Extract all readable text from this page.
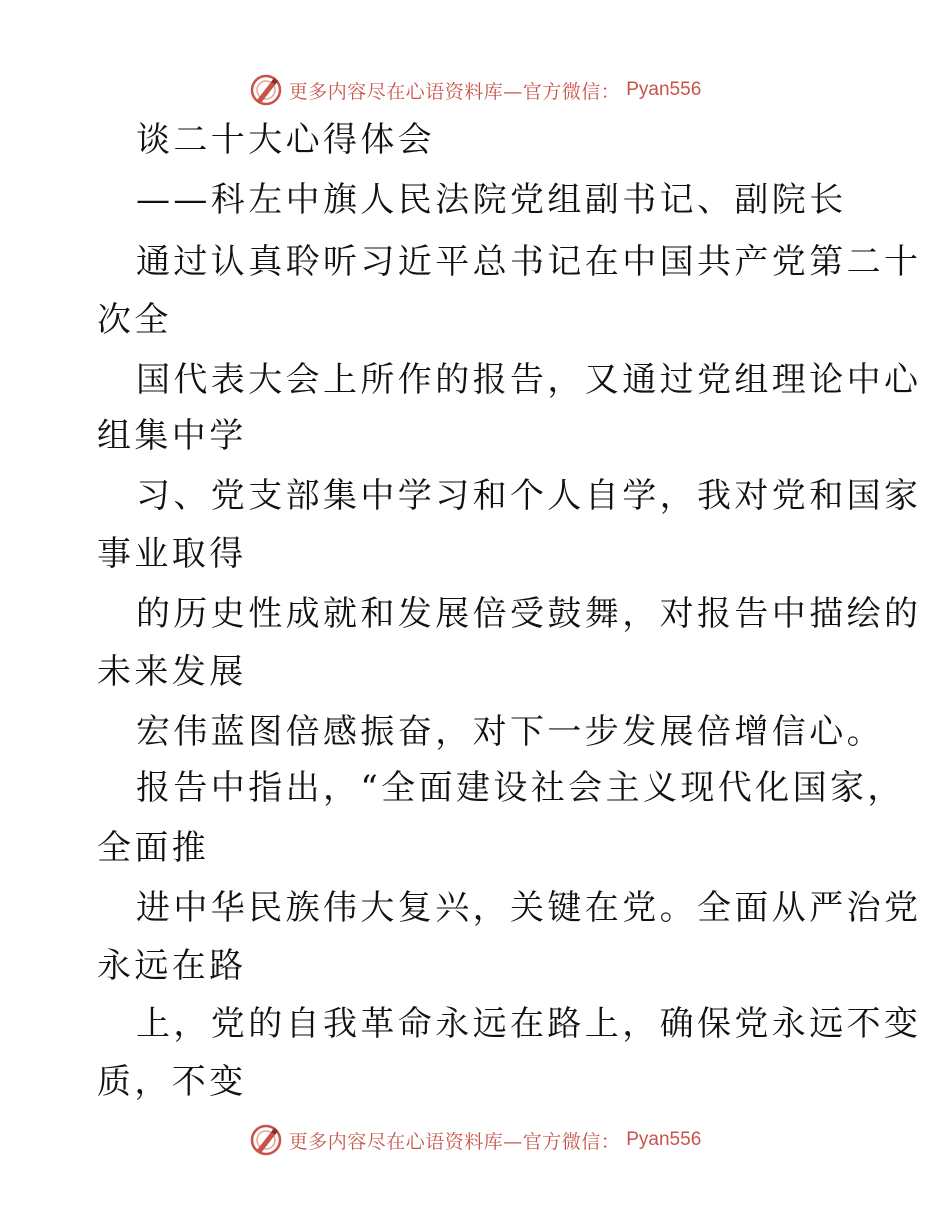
更多内容尽在心语资料库—官方微信： Pyan556
谈二十大心得体会
——科左中旗人民法院党组副书记、副院长
通过认真聆听习近平总书记在中国共产党第二十
次全
国代表大会上所作的报告，又通过党组理论中心
组集中学
习、党支部集中学习和个人自学，我对党和国家
事业取得
的历史性成就和发展倍受鼓舞，对报告中描绘的
未来发展
宏伟蓝图倍感振奋，对下一步发展倍增信心。
报告中指出，“全面建设社会主义现代化国家，
全面推
进中华民族伟大复兴，关键在党。全面从严治党
永远在路
上，党的自我革命永远在路上，确保党永远不变
质，不变
更多内容尽在心语资料库—官方微信： Pyan556
